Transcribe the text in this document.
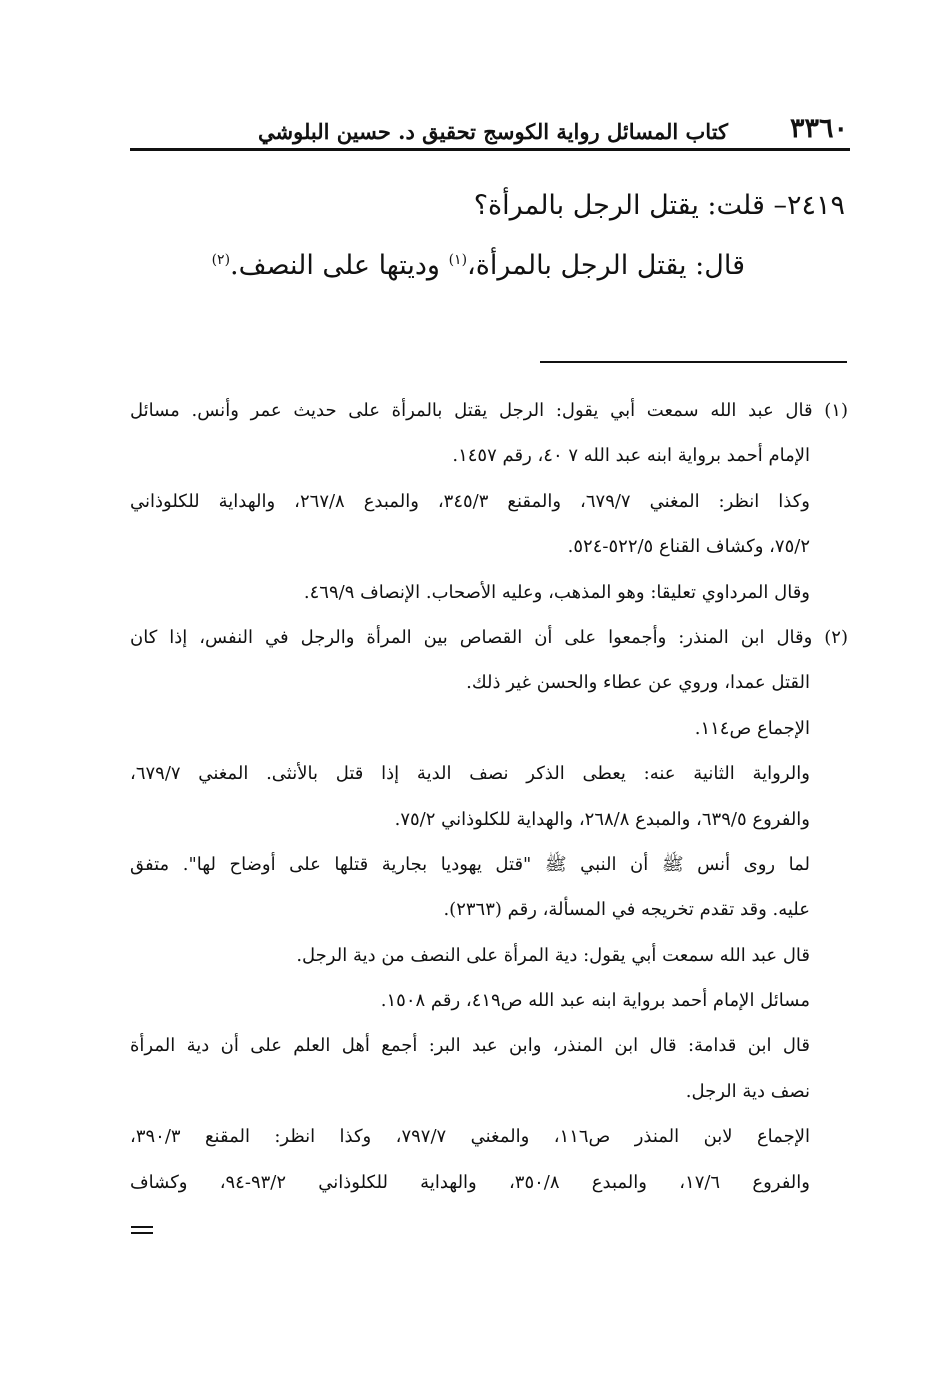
٣٣٦٠
كتاب المسائل رواية الكوسج تحقيق د. حسين البلوشي
٢٤١٩– قلت: يقتل الرجل بالمرأة؟
قال: يقتل الرجل بالمرأة،$^{(١)}$ وديتها على النصف.$^{(٢)}$
(١) قال عبد الله سمعت أبي يقول: الرجل يقتل بالمرأة على حديث عمر وأنس. مسائل
الإمام أحمد برواية ابنه عبد الله ٧ ٤٠، رقم ١٤٥٧.
وكذا انظر: المغني ٦٧٩/٧، والمقنع ٣٤٥/٣، والمبدع ٢٦٧/٨، والهداية للكلوذاني
٧٥/٢، وكشاف القناع ٥٢٢/٥-٥٢٤.
وقال المرداوي تعليقا: وهو المذهب، وعليه الأصحاب. الإنصاف ٤٦٩/٩.
(٢) وقال ابن المنذر: وأجمعوا على أن القصاص بين المرأة والرجل في النفس، إذا كان
القتل عمدا، وروي عن عطاء والحسن غير ذلك.
الإجماع ص١١٤.
والرواية الثانية عنه: يعطى الذكر نصف الدية إذا قتل بالأنثى. المغني ٦٧٩/٧،
والفروع ٦٣٩/٥، والمبدع ٢٦٨/٨، والهداية للكلوذاني ٧٥/٢.
لما روى أنس ﷺ أن النبي ﷺ "قتل يهوديا بجارية قتلها على أوضاح لها". متفق
عليه. وقد تقدم تخريجه في المسألة، رقم (٢٣٦٣).
قال عبد الله سمعت أبي يقول: دية المرأة على النصف من دية الرجل.
مسائل الإمام أحمد برواية ابنه عبد الله ص٤١٩، رقم ١٥٠٨.
قال ابن قدامة: قال ابن المنذر، وابن عبد البر: أجمع أهل العلم على أن دية المرأة
نصف دية الرجل.
الإجماع لابن المنذر ص١١٦، والمغني ٧٩٧/٧، وكذا انظر: المقنع ٣٩٠/٣،
والفروع ١٧/٦، والمبدع ٣٥٠/٨، والهداية للكلوذاني ٩٣/٢-٩٤، وكشاف
